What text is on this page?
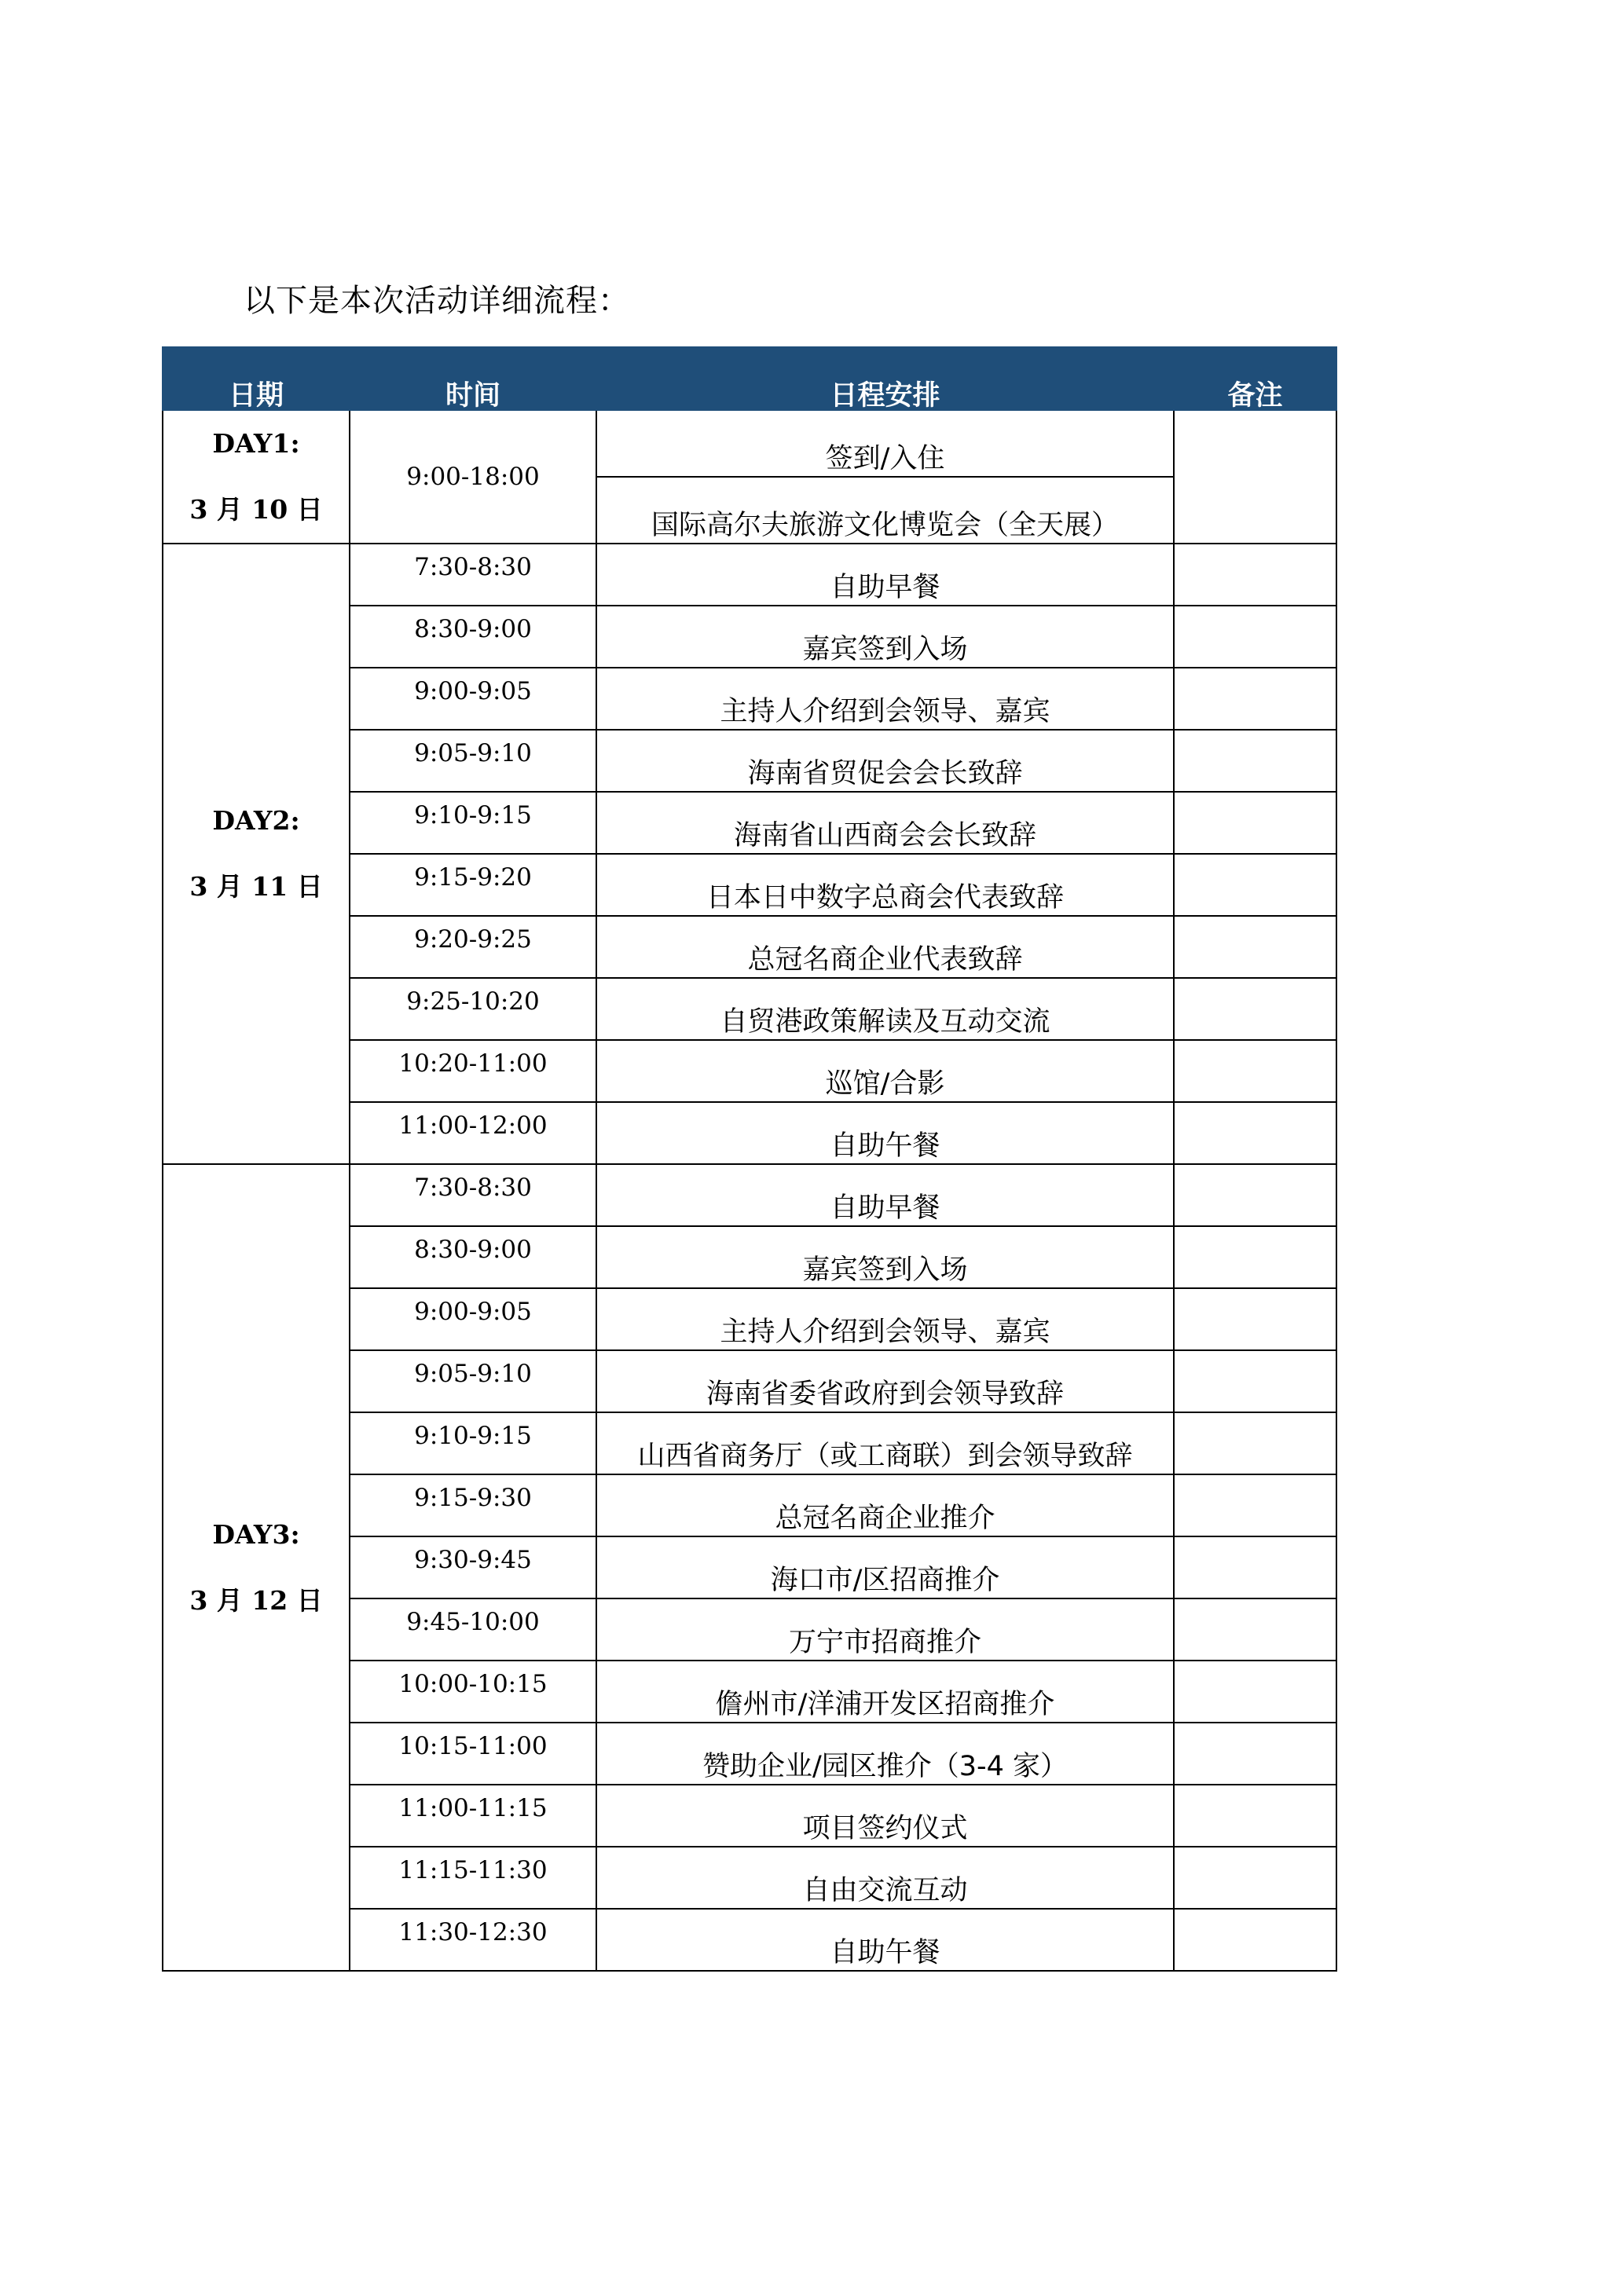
以下是本次活动详细流程：
日期	时间	日程安排	备注

DAY1:
3 月 10 日	9:00-18:00	签到/入住	
		国际高尔夫旅游文化博览会（全天展）	

DAY2:
3 月 11 日	7:30-8:30	自助早餐	
	8:30-9:00	嘉宾签到入场	
	9:00-9:05	主持人介绍到会领导、嘉宾	
	9:05-9:10	海南省贸促会会长致辞	
	9:10-9:15	海南省山西商会会长致辞	
	9:15-9:20	日本日中数字总商会代表致辞	
	9:20-9:25	总冠名商企业代表致辞	
	9:25-10:20	自贸港政策解读及互动交流	
	10:20-11:00	巡馆/合影	
	11:00-12:00	自助午餐	

DAY3:
3 月 12 日	7:30-8:30	自助早餐	
	8:30-9:00	嘉宾签到入场	
	9:00-9:05	主持人介绍到会领导、嘉宾	
	9:05-9:10	海南省委省政府到会领导致辞	
	9:10-9:15	山西省商务厅（或工商联）到会领导致辞	
	9:15-9:30	总冠名商企业推介	
	9:30-9:45	海口市/区招商推介	
	9:45-10:00	万宁市招商推介	
	10:00-10:15	儋州市/洋浦开发区招商推介	
	10:15-11:00	赞助企业/园区推介（3-4 家）	
	11:00-11:15	项目签约仪式	
	11:15-11:30	自由交流互动	
	11:30-12:30	自助午餐	
